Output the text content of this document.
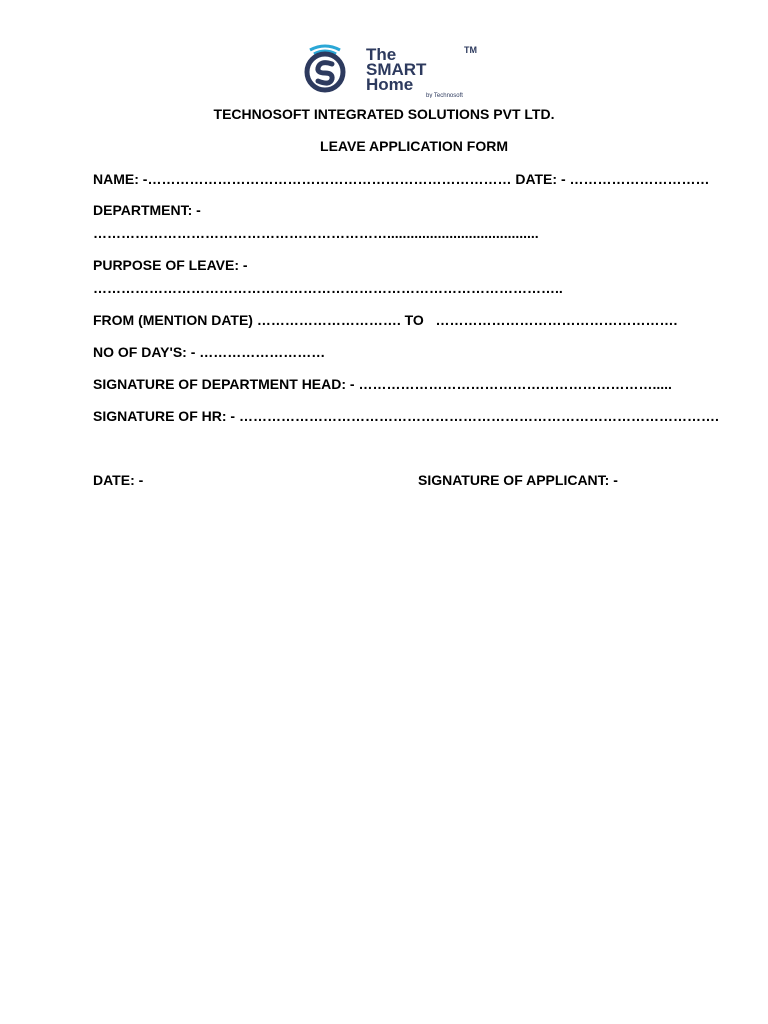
The
SMART
Home
by Technosoft
TM
TECHNOSOFT INTEGRATED SOLUTIONS PVT LTD.
LEAVE APPLICATION FORM
NAME: -…………………………………………………………………… DATE: - …………………………
DEPARTMENT: -
……………………………………………………….......................................
PURPOSE OF LEAVE: -
………………………………………………………………………………………..
FROM (MENTION DATE) …………………………. TO …………………………………………….
NO OF DAY'S: - ………………………
SIGNATURE OF DEPARTMENT HEAD: - ……………………………………………………….....
SIGNATURE OF HR: - ………………………………………………………………………………………….
DATE: -	SIGNATURE OF APPLICANT: -
